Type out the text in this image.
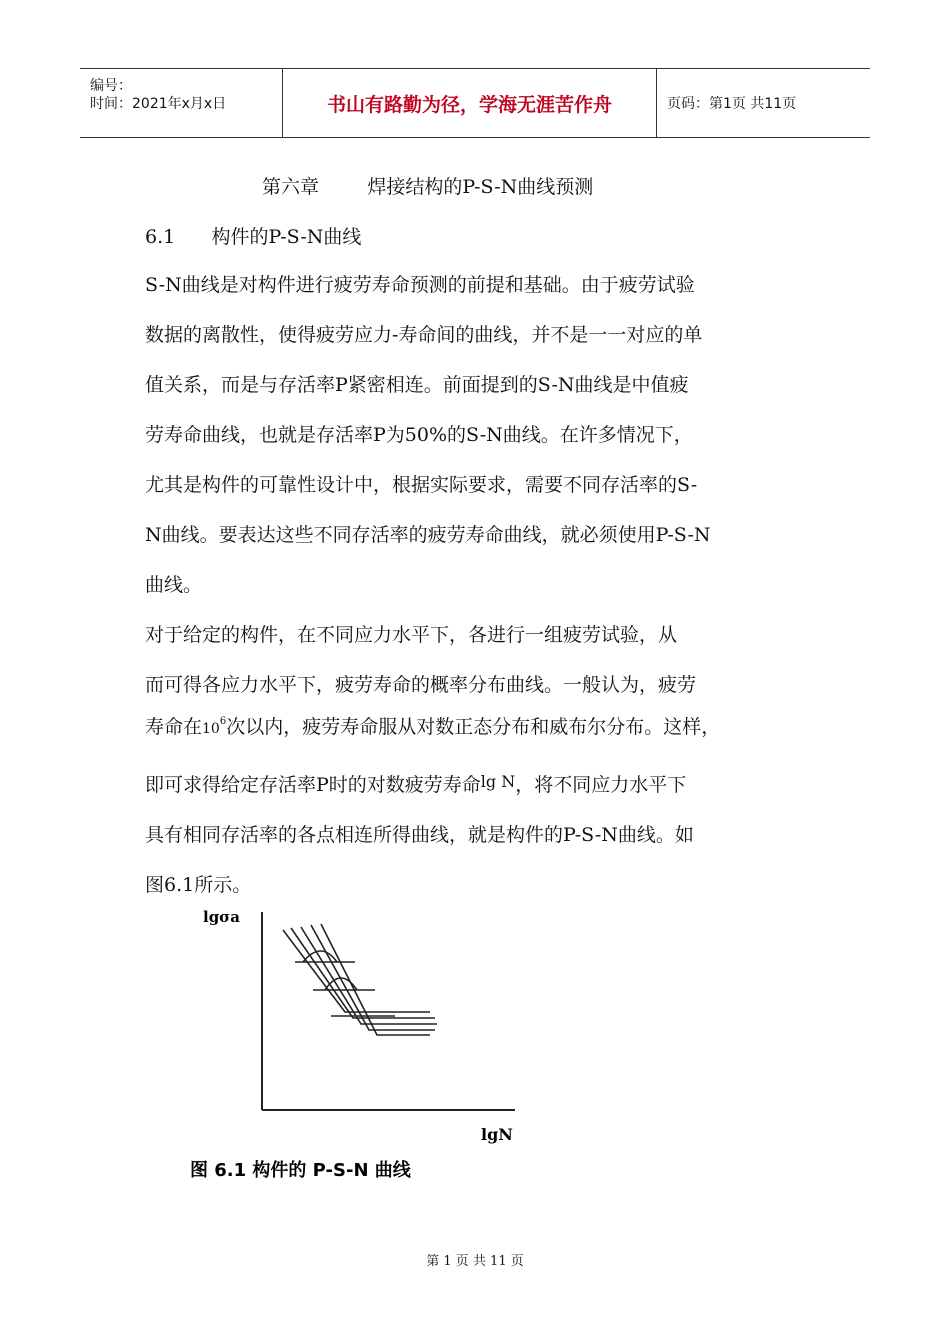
编号：
时间：2021年x月x日	书山有路勤为径，学海无涯苦作舟	页码：第1页 共11页
第六章        焊接结构的P-S-N曲线预测
6.1      构件的P-S-N曲线
S-N曲线是对构件进行疲劳寿命预测的前提和基础。由于疲劳试验
数据的离散性，使得疲劳应力-寿命间的曲线，并不是一一对应的单
值关系，而是与存活率P紧密相连。前面提到的S-N曲线是中值疲
劳寿命曲线，也就是存活率P为50%的S-N曲线。在许多情况下，
尤其是构件的可靠性设计中，根据实际要求，需要不同存活率的S-
N曲线。要表达这些不同存活率的疲劳寿命曲线，就必须使用P-S-N
曲线。
对于给定的构件，在不同应力水平下，各进行一组疲劳试验，从
而可得各应力水平下，疲劳寿命的概率分布曲线。一般认为，疲劳
寿命在$10^6$次以内，疲劳寿命服从对数正态分布和威布尔分布。这样，
即可求得给定存活率P时的对数疲劳寿命$^{lg N}$，将不同应力水平下
具有相同存活率的各点相连所得曲线，就是构件的P-S-N曲线。如
图6.1所示。
lgσa
lgN
图 6.1 构件的 P-S-N 曲线
第 1 页 共 11 页
